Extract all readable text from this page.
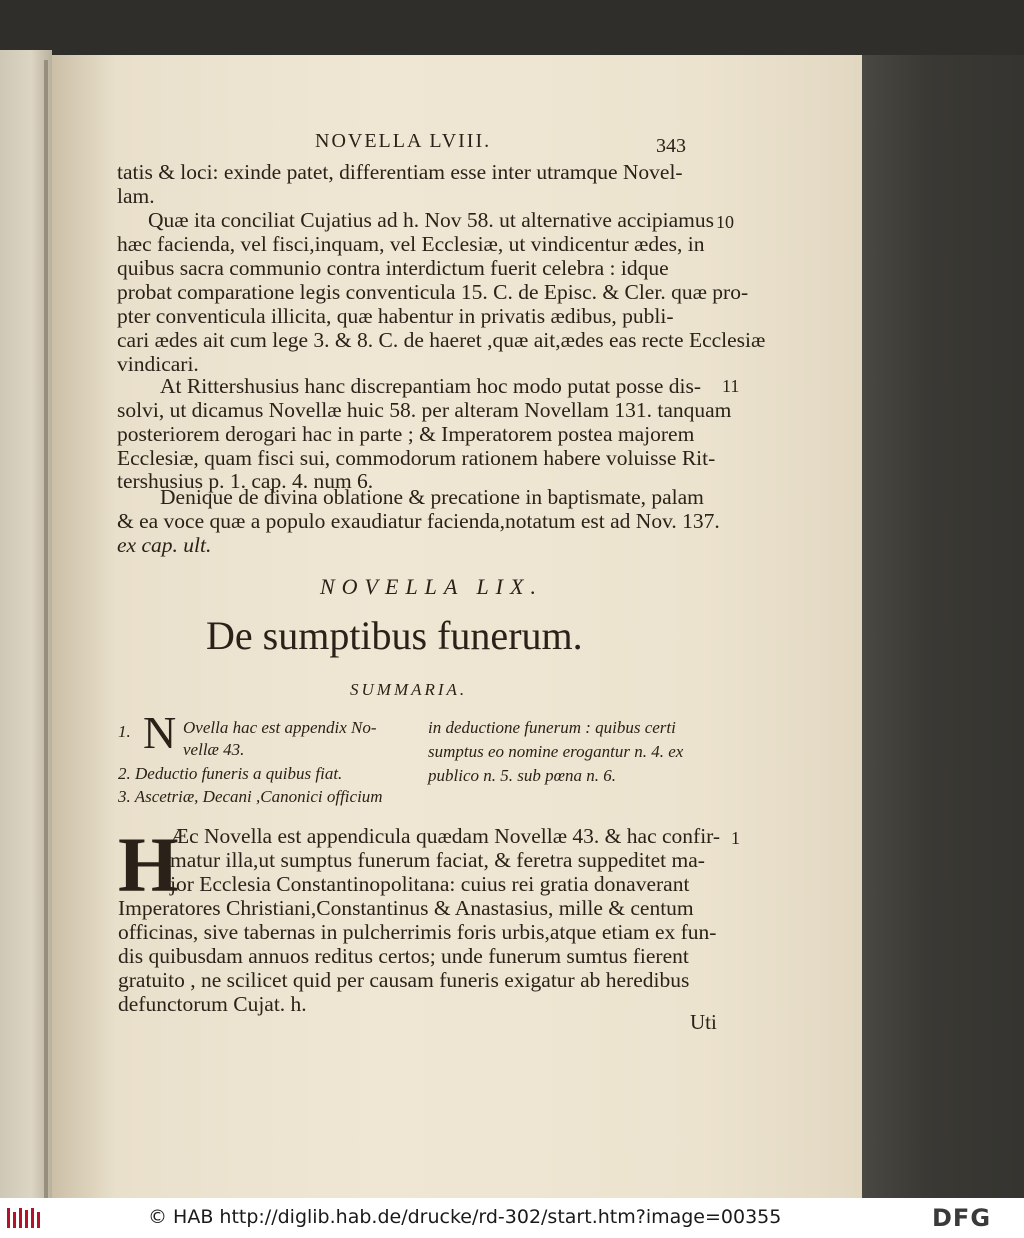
NOVELLA LVIII.	343
tatis & loci: exinde patet, differentiam esse inter utramque Novel-
lam.
Quæ ita conciliat Cujatius ad h. Nov 58. ut alternative accipiamus 10
hæc facienda, vel fisci,inquam, vel Ecclesiæ, ut vindicentur ædes, in
quibus sacra communio contra interdictum fuerit celebra : idque
probat comparatione legis conventicula 15. C. de Episc. & Cler. quæ pro-
pter conventicula illicita, quæ habentur in privatis ædibus, publi-
cari ædes ait cum lege 3. & 8. C. de haeret ,quæ ait,ædes eas recte Ecclesiæ
vindicari.
At Rittershusius hanc discrepantiam hoc modo putat posse dis- 11
solvi, ut dicamus Novellæ huic 58. per alteram Novellam 131. tanquam
posteriorem derogari hac in parte ; & Imperatorem postea majorem
Ecclesiæ, quam fisci sui, commodorum rationem habere voluisse Rit-
tershusius p. 1. cap. 4. num 6.
Denique de divina oblatione & precatione in baptismate, palam
& ea voce quæ a populo exaudiatur facienda,notatum est ad Nov. 137.
ex cap. ult.
NOVELLA LIX.
De sumptibus funerum.
SUMMARIA.
1. N Ovella hac est appendix No-
vellæ 43.
2. Deductio funeris a quibus fiat.
3. Ascetriæ, Decani ,Canonici officium
in deductione funerum : quibus certi
sumptus eo nomine erogantur n. 4. ex
publico n. 5. sub pœna n. 6.
H
Æc Novella est appendicula quædam Novellæ 43. & hac confir- 1
matur illa,ut sumptus funerum faciat, & feretra suppeditet ma-
jor Ecclesia Constantinopolitana: cuius rei gratia donaverant
Imperatores Christiani,Constantinus & Anastasius, mille & centum
officinas, sive tabernas in pulcherrimis foris urbis,atque etiam ex fun-
dis quibusdam annuos reditus certos; unde funerum sumtus fierent
gratuito , ne scilicet quid per causam funeris exigatur ab heredibus
defunctorum Cujat. h.
Uti
© HAB http://diglib.hab.de/drucke/rd-302/start.htm?image=00355	DFG
